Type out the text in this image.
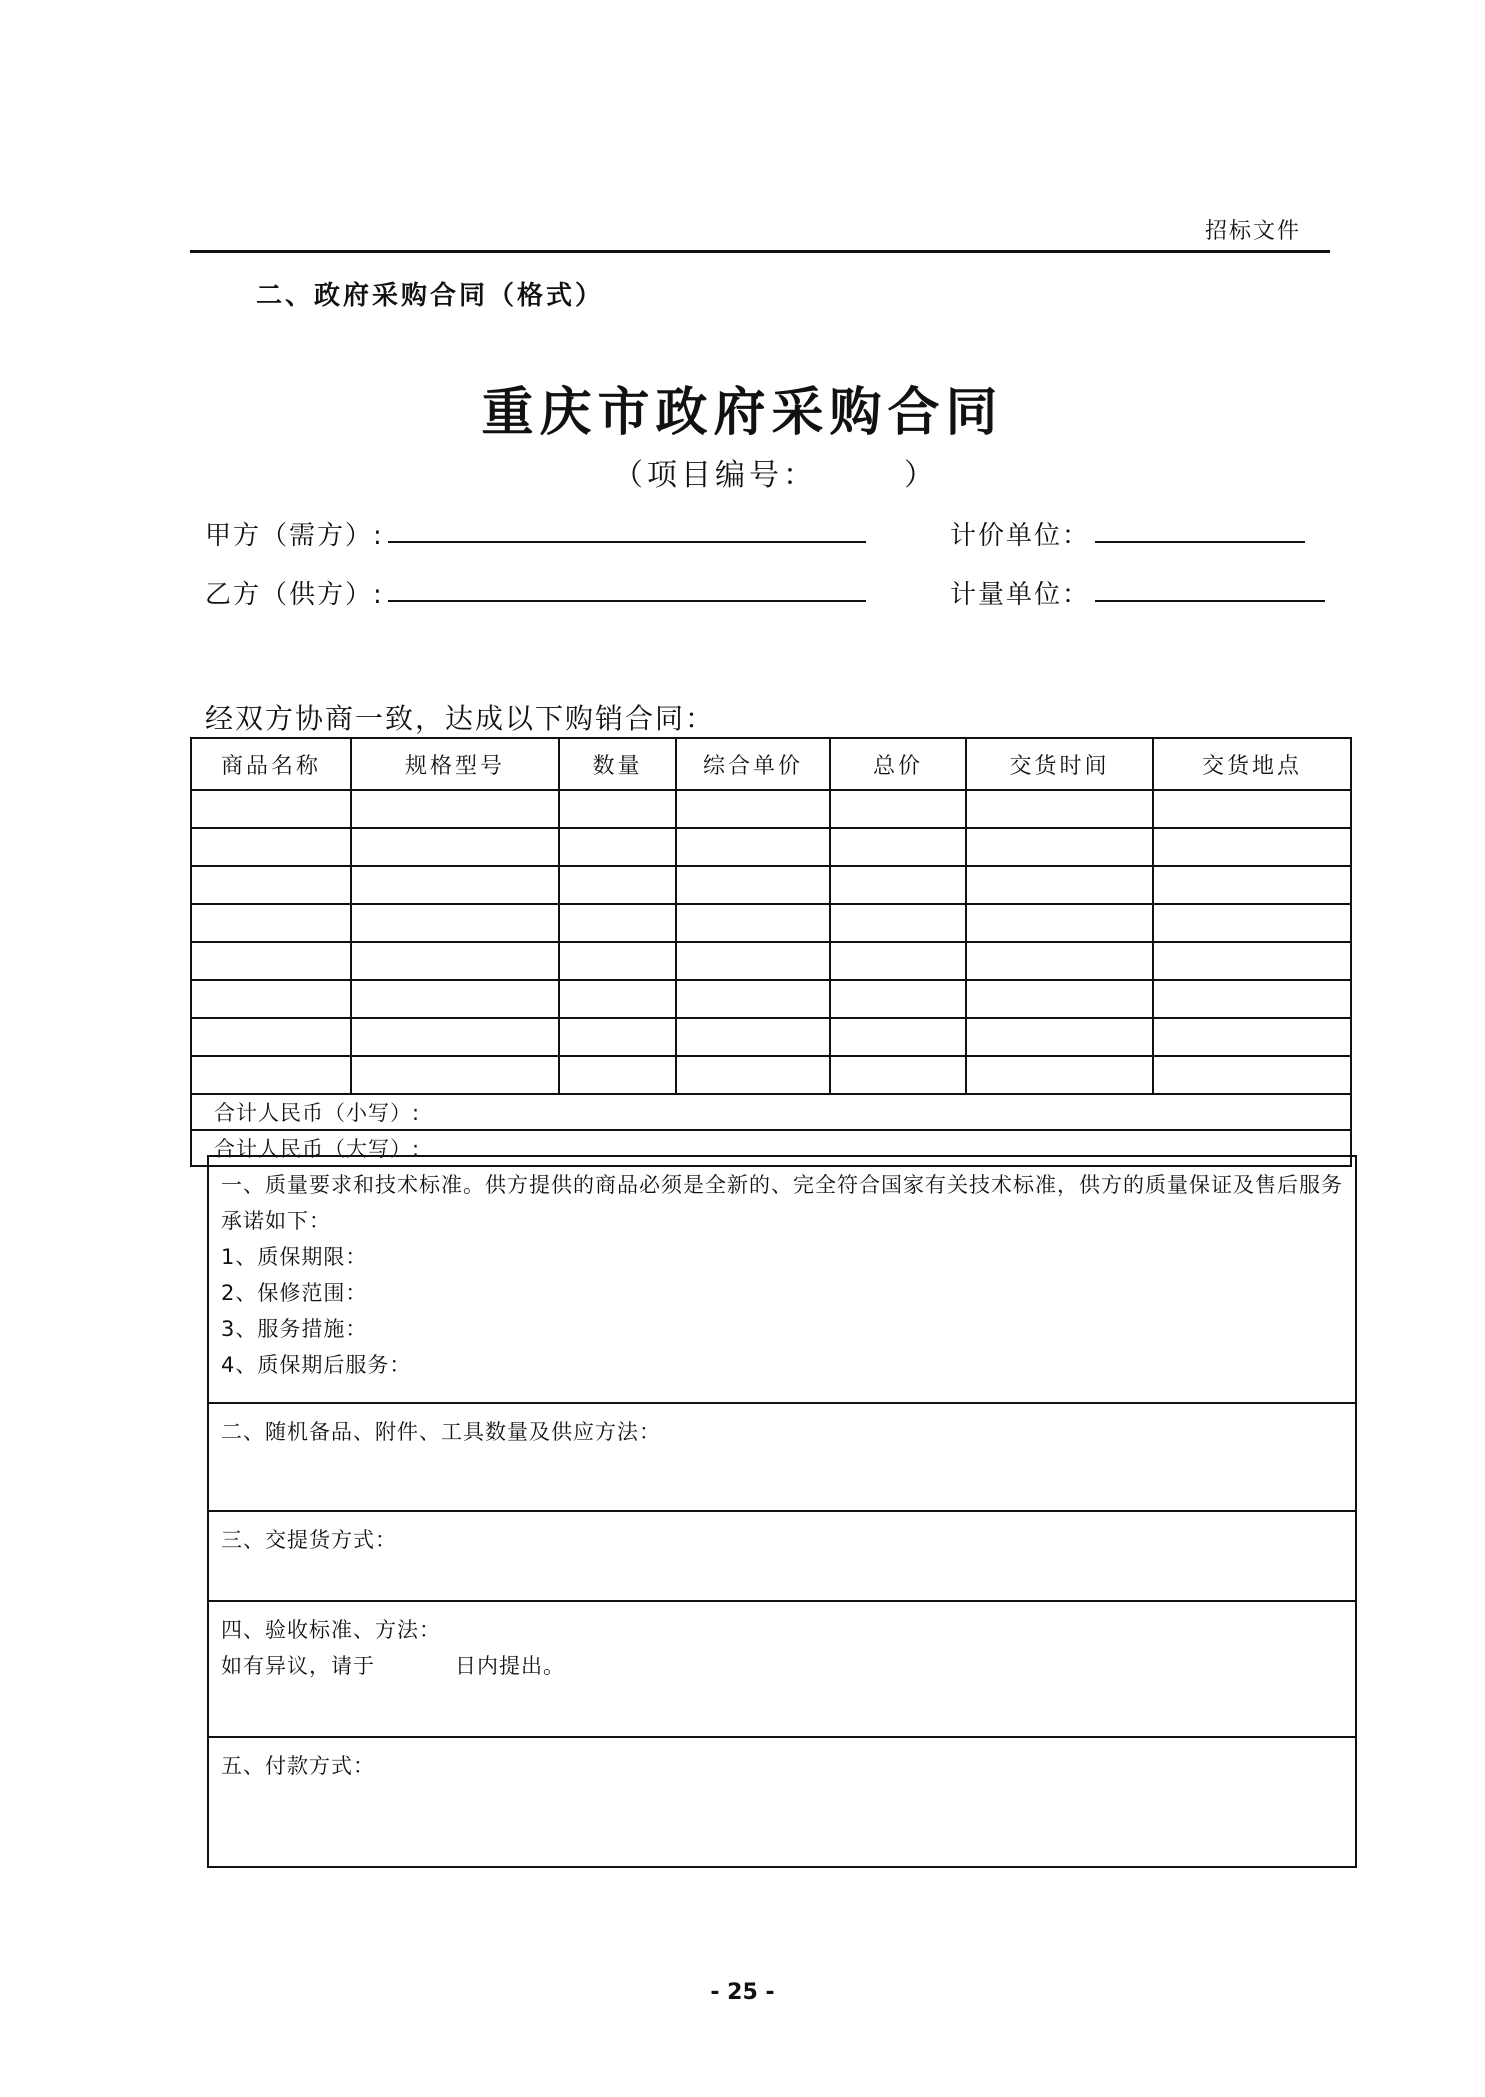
招标文件
二、政府采购合同（格式）
重庆市政府采购合同
（项目编号：　　　）
甲方（需方）:
乙方（供方）:
计价单位：
计量单位：
经双方协商一致，达成以下购销合同：
商品名称	规格型号	数量	综合单价	总价	交货时间	交货地点

合计人民币（小写）:						
合计人民币（大写）:						
一、质量要求和技术标准。供方提供的商品必须是全新的、完全符合国家有关技术标准，供方的质量保证及售后服务承诺如下：
1、质保期限：
2、保修范围：
3、服务措施：
4、质保期后服务：

二、随机备品、附件、工具数量及供应方法：

三、交提货方式：

四、验收标准、方法：
如有异议，请于	日内提出。

五、付款方式：
- 25 -
